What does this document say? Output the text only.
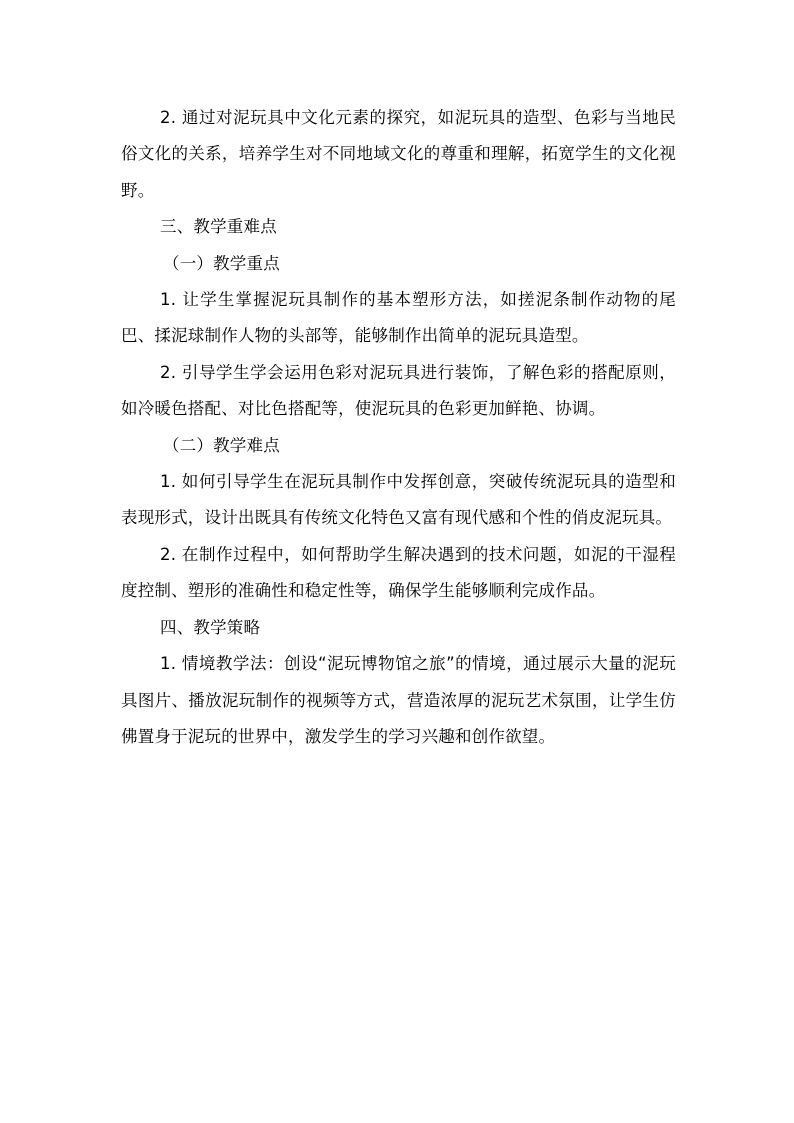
2. 通过对泥玩具中文化元素的探究，如泥玩具的造型、色彩与当地民俗文化的关系，培养学生对不同地域文化的尊重和理解，拓宽学生的文化视野。

三、教学重难点

（一）教学重点

1. 让学生掌握泥玩具制作的基本塑形方法，如搓泥条制作动物的尾巴、揉泥球制作人物的头部等，能够制作出简单的泥玩具造型。

2. 引导学生学会运用色彩对泥玩具进行装饰，了解色彩的搭配原则，如冷暖色搭配、对比色搭配等，使泥玩具的色彩更加鲜艳、协调。

（二）教学难点

1. 如何引导学生在泥玩具制作中发挥创意，突破传统泥玩具的造型和表现形式，设计出既具有传统文化特色又富有现代感和个性的俏皮泥玩具。

2. 在制作过程中，如何帮助学生解决遇到的技术问题，如泥的干湿程度控制、塑形的准确性和稳定性等，确保学生能够顺利完成作品。

四、教学策略

1. 情境教学法：创设“泥玩博物馆之旅”的情境，通过展示大量的泥玩具图片、播放泥玩制作的视频等方式，营造浓厚的泥玩艺术氛围，让学生仿佛置身于泥玩的世界中，激发学生的学习兴趣和创作欲望。
